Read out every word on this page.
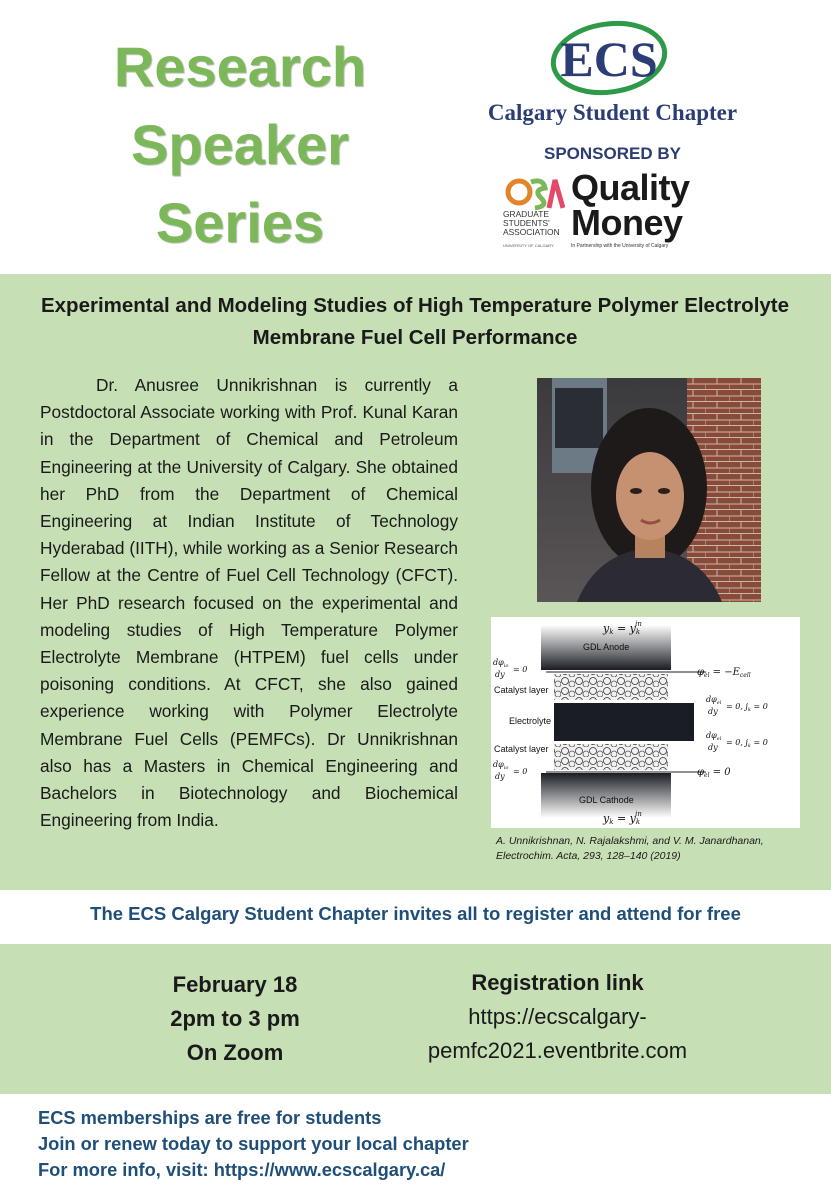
Research
Speaker
Series
ECS
Calgary Student Chapter
SPONSORED BY
GRADUATE
STUDENTS'
ASSOCIATION
UNIVERSITY OF CALGARY
Quality
Money
In Partnership with the University of Calgary
Experimental and Modeling Studies of High Temperature Polymer Electrolyte Membrane Fuel Cell Performance
Dr. Anusree Unnikrishnan is currently a Postdoctoral Associate working with Prof. Kunal Karan in the Department of Chemical and Petroleum Engineering at the University of Calgary. She obtained her PhD from the Department of Chemical Engineering at Indian Institute of Technology Hyderabad (IITH), while working as a Senior Research Fellow at the Centre of Fuel Cell Technology (CFCT). Her PhD research focused on the experimental and modeling studies of High Temperature Polymer Electrolyte Membrane (HTPEM) fuel cells under poisoning conditions. At CFCT, she also gained experience working with Polymer Electrolyte Membrane Fuel Cells (PEMFCs). Dr Unnikrishnan also has a Masters in Chemical Engineering and Bachelors in Biotechnology and Biochemical Engineering from India.
yk = ykin
GDL Anode
$d\varphi_{io}$ dy= 0	$\varphi_{el} = -E_{cell}$
Catalyst layer
Electrolyte
Catalyst layer
$d\varphi_{el}$ dy= 0, $j_k = 0$
$d\varphi_{el}$ dy= 0, $j_k = 0$
$d\varphi_{io}$ dy= 0	$\varphi_{el} = 0$
GDL Cathode
yk = ykin
A. Unnikrishnan, N. Rajalakshmi, and V. M. Janardhanan, Electrochim. Acta, 293, 128–140 (2019)
The ECS Calgary Student Chapter invites all to register and attend for free
February 18
2pm to 3 pm
On Zoom
Registration link
https://ecscalgary-
pemfc2021.eventbrite.com
ECS memberships are free for students
Join or renew today to support your local chapter
For more info, visit: https://www.ecscalgary.ca/
